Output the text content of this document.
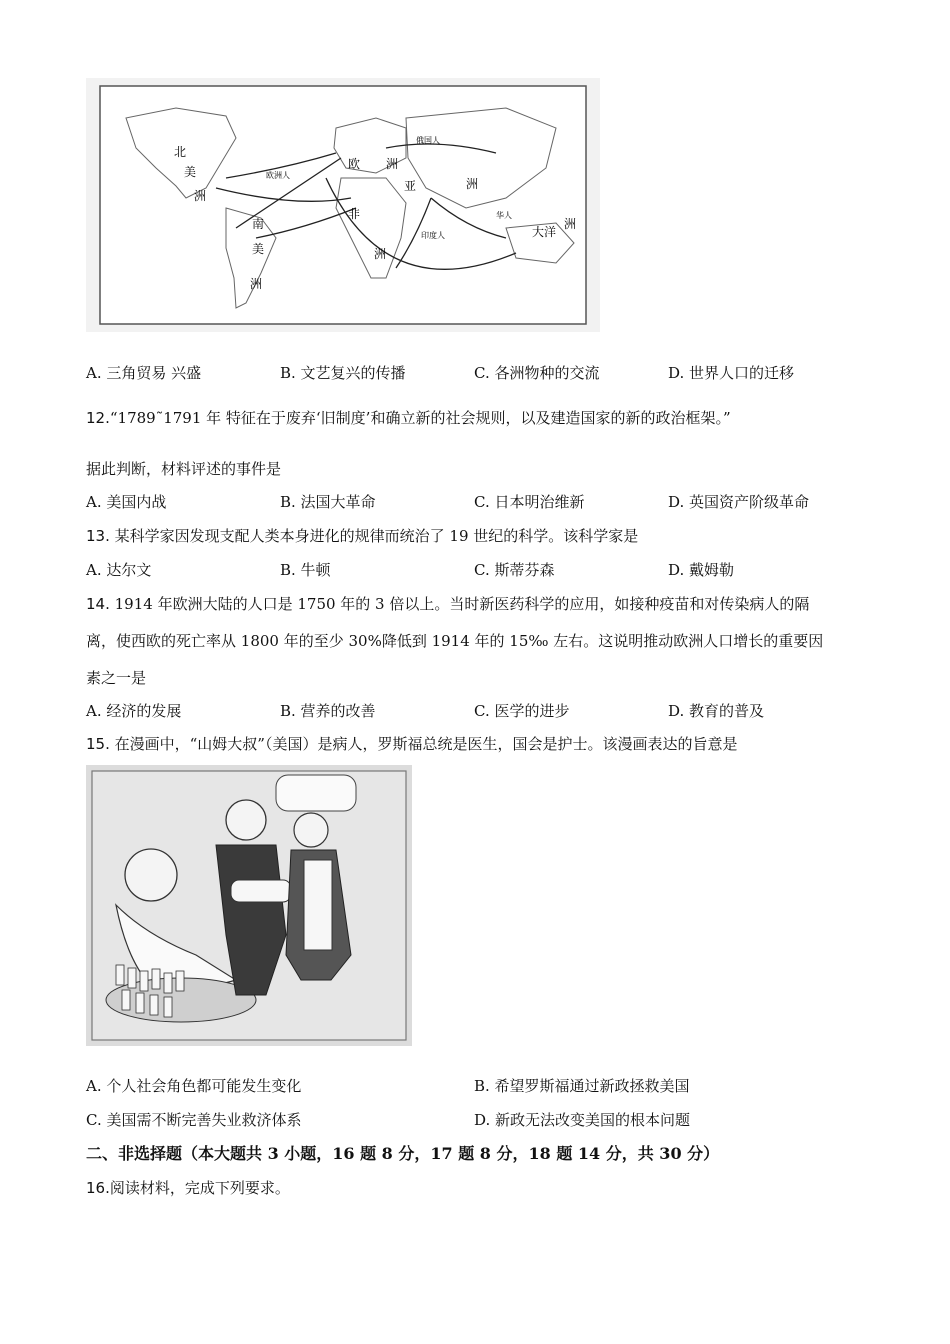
北
美
洲
欧 洲
亚	洲
非
洲
南
美
洲
大洋
洲
欧洲人
俄国人
华人
印度人
A. 三角贸易 兴盛	B. 文艺复兴的传播	C. 各洲物种的交流	D. 世界人口的迁移
12.“1789˜1791 年 特征在于废弃‘旧制度’和确立新的社会规则，以及建造国家的新的政治框架。”
据此判断，材料评述的事件是
A. 美国内战	B. 法国大革命	C. 日本明治维新	D. 英国资产阶级革命
13. 某科学家因发现支配人类本身进化的规律而统治了 19 世纪的科学。该科学家是
A. 达尔文	B. 牛顿	C. 斯蒂芬森	D. 戴姆勒
14. 1914 年欧洲大陆的人口是 1750 年的 3 倍以上。当时新医药科学的应用，如接种疫苗和对传染病人的隔
离，使西欧的死亡率从 1800 年的至少 30%降低到 1914 年的 15‰ 左右。这说明推动欧洲人口增长的重要因
素之一是
A. 经济的发展	B. 营养的改善	C. 医学的进步	D. 教育的普及
15. 在漫画中，“山姆大叔”（美国）是病人，罗斯福总统是医生，国会是护士。该漫画表达的旨意是
A. 个人社会角色都可能发生变化	B. 希望罗斯福通过新政拯救美国
C. 美国需不断完善失业救济体系	D. 新政无法改变美国的根本问题
二、非选择题（本大题共 3 小题，16 题 8 分，17 题 8 分，18 题 14 分，共 30 分）
16.阅读材料，完成下列要求。
